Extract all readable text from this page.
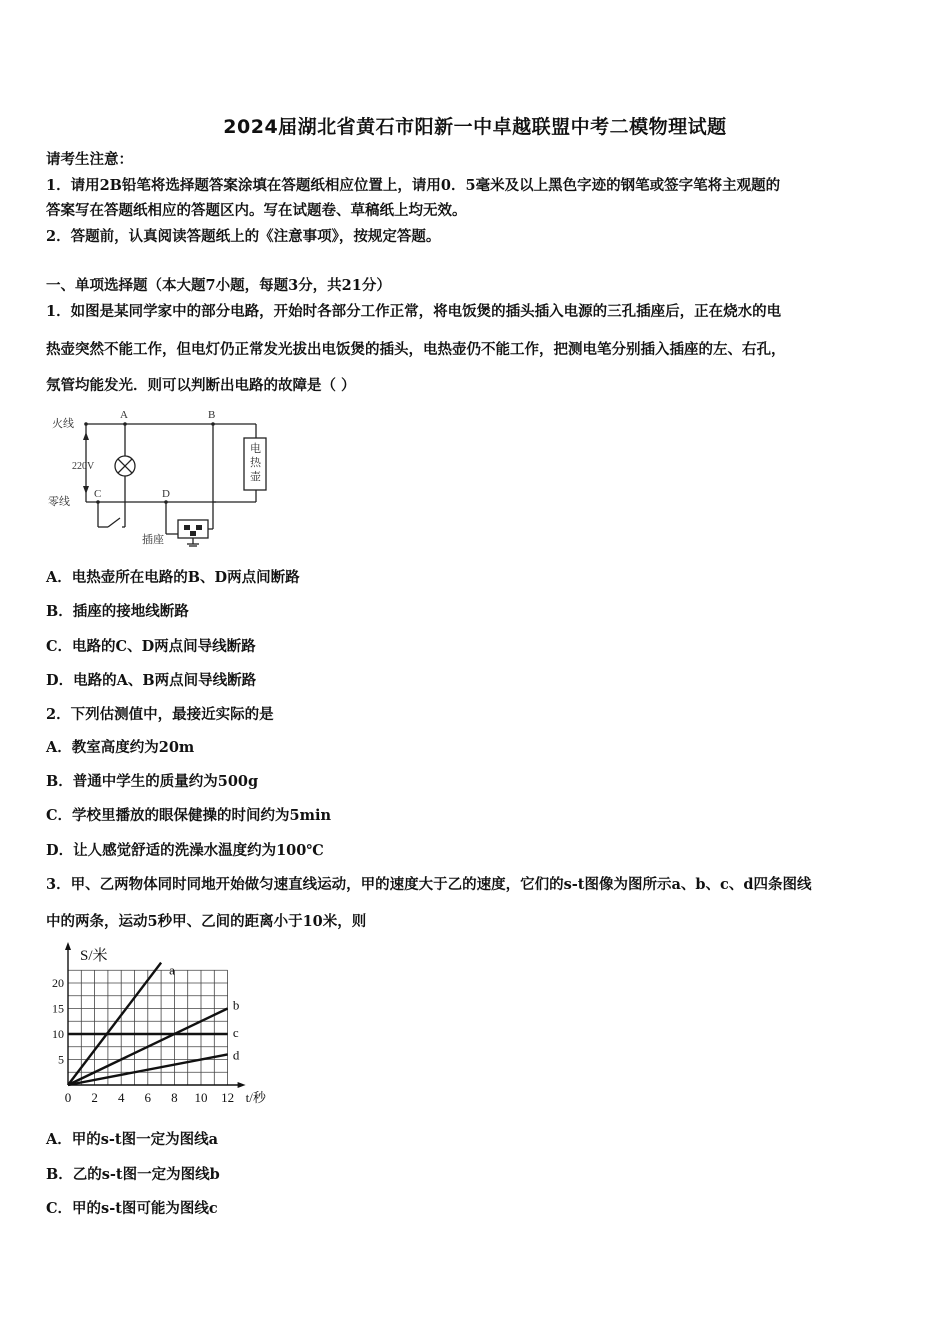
2024届湖北省黄石市阳新一中卓越联盟中考二模物理试题
请考生注意：
1．请用2B铅笔将选择题答案涂填在答题纸相应位置上，请用0．5毫米及以上黑色字迹的钢笔或签字笔将主观题的
答案写在答题纸相应的答题区内。写在试题卷、草稿纸上均无效。
2．答题前，认真阅读答题纸上的《注意事项》，按规定答题。
一、单项选择题（本大题7小题，每题3分，共21分）
1．如图是某同学家中的部分电路，开始时各部分工作正常，将电饭煲的插头插入电源的三孔插座后，正在烧水的电
热壶突然不能工作，但电灯仍正常发光拔出电饭煲的插头，电热壶仍不能工作，把测电笔分别插入插座的左、右孔，
氖管均能发光．则可以判断出电路的故障是（ ）
火线
零线
220V
A	B
C	D
电
热
壶
插座
A．电热壶所在电路的B、D两点间断路
B．插座的接地线断路
C．电路的C、D两点间导线断路
D．电路的A、B两点间导线断路
2．下列估测值中，最接近实际的是
A．教室高度约为20m
B．普通中学生的质量约为500g
C．学校里播放的眼保健操的时间约为5min
D．让人感觉舒适的洗澡水温度约为100℃
3．甲、乙两物体同时同地开始做匀速直线运动，甲的速度大于乙的速度，它们的s-t图像为图所示a、b、c、d四条图线
中的两条，运动5秒甲、乙间的距离小于10米，则
a
b
c
d
0 2 4 6 8 10 12
5
10
15
20
S/米
t/秒
A．甲的s-t图一定为图线a
B．乙的s-t图一定为图线b
C．甲的s-t图可能为图线c
